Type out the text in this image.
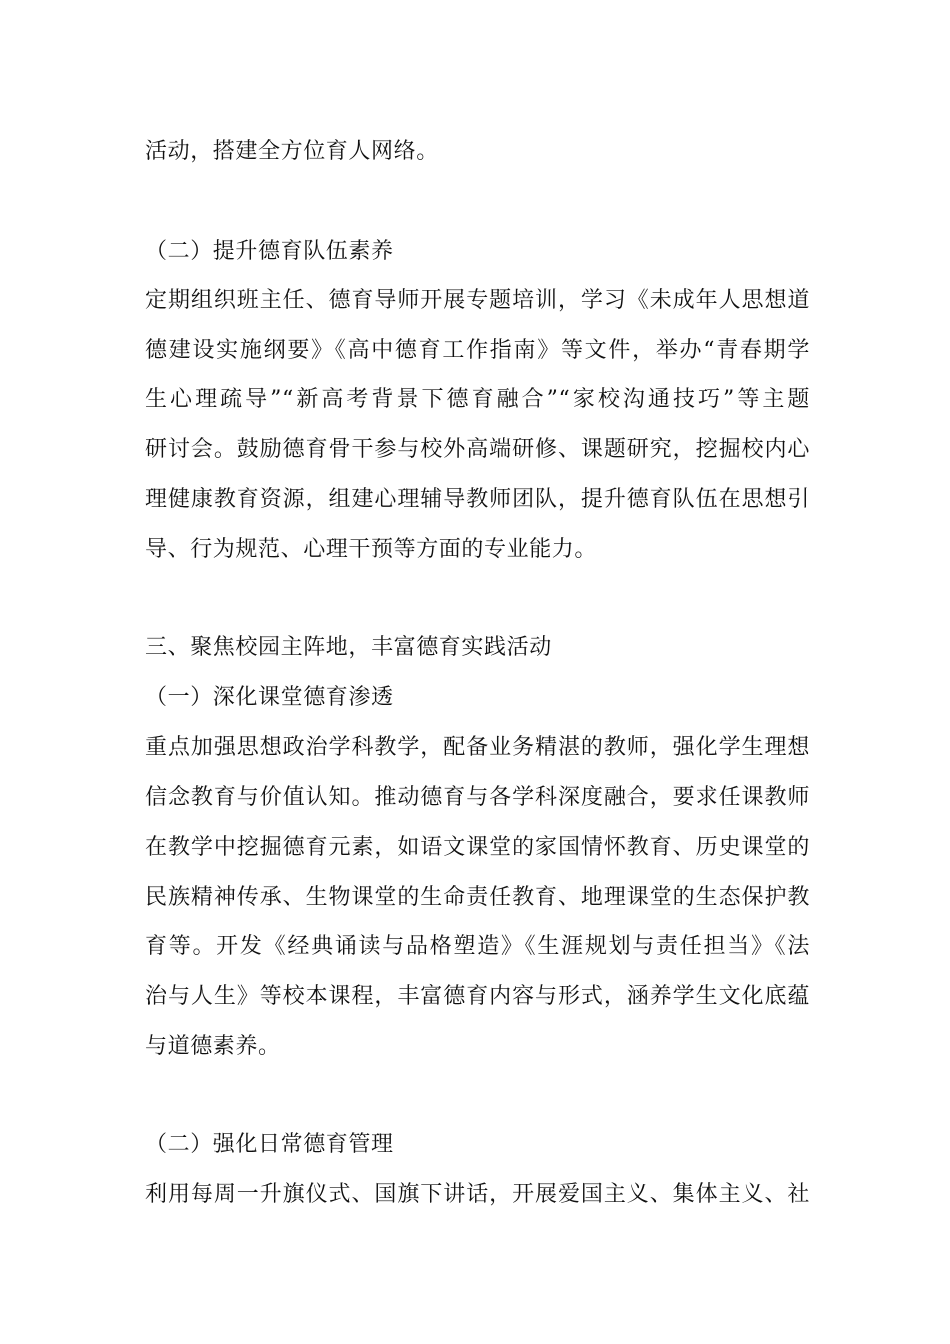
活动，搭建全方位育人网络。
（二）提升德育队伍素养
定期组织班主任、德育导师开展专题培训，学习《未成年人思想道
德建设实施纲要》《高中德育工作指南》等文件，举办“青春期学
生心理疏导”“新高考背景下德育融合”“家校沟通技巧”等主题
研讨会。鼓励德育骨干参与校外高端研修、课题研究，挖掘校内心
理健康教育资源，组建心理辅导教师团队，提升德育队伍在思想引
导、行为规范、心理干预等方面的专业能力。
三、聚焦校园主阵地，丰富德育实践活动
（一）深化课堂德育渗透
重点加强思想政治学科教学，配备业务精湛的教师，强化学生理想
信念教育与价值认知。推动德育与各学科深度融合，要求任课教师
在教学中挖掘德育元素，如语文课堂的家国情怀教育、历史课堂的
民族精神传承、生物课堂的生命责任教育、地理课堂的生态保护教
育等。开发《经典诵读与品格塑造》《生涯规划与责任担当》《法
治与人生》等校本课程，丰富德育内容与形式，涵养学生文化底蕴
与道德素养。
（二）强化日常德育管理
利用每周一升旗仪式、国旗下讲话，开展爱国主义、集体主义、社
